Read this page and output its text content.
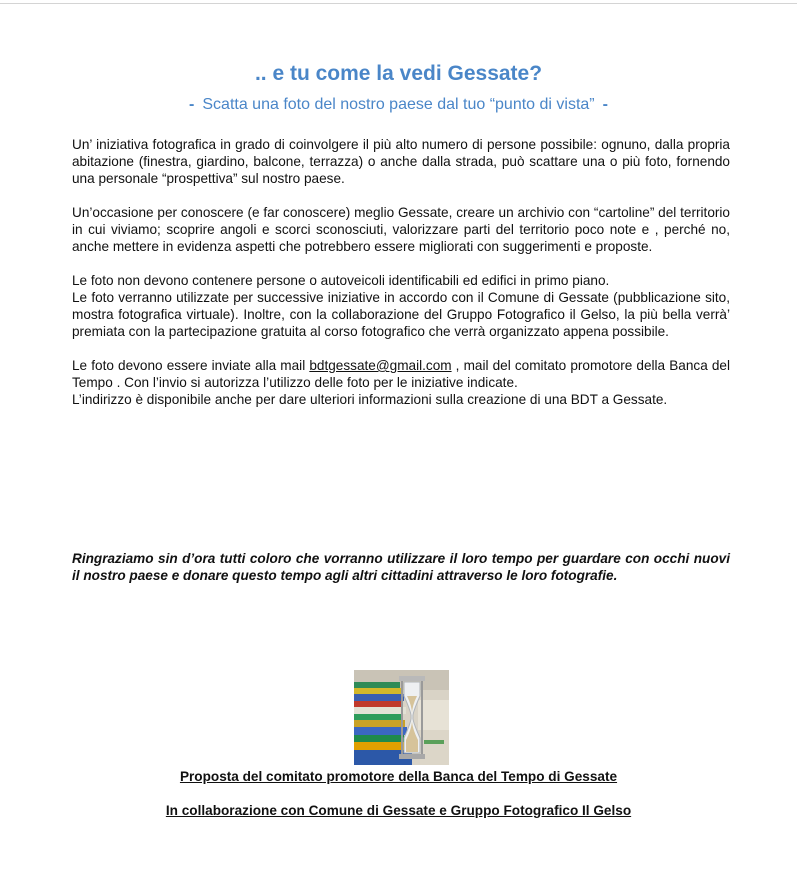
.. e tu come la vedi Gessate?
- Scatta una foto del nostro paese dal tuo “punto di vista” -

Un’ iniziativa fotografica in grado di coinvolgere il più alto numero di persone possibile: ognuno, dalla propria abitazione (finestra, giardino, balcone, terrazza) o anche dalla strada, può scattare una o più foto, fornendo una personale “prospettiva” sul nostro paese.

Un’occasione per conoscere (e far conoscere) meglio Gessate, creare un archivio con “cartoline” del territorio in cui viviamo; scoprire angoli e scorci sconosciuti, valorizzare parti del territorio poco note e , perché no, anche mettere in evidenza aspetti che potrebbero essere migliorati con suggerimenti e proposte.

Le foto non devono contenere persone o autoveicoli identificabili ed edifici in primo piano.
Le foto verranno utilizzate per successive iniziative in accordo con il Comune di Gessate (pubblicazione sito, mostra fotografica virtuale). Inoltre, con la collaborazione del Gruppo Fotografico il Gelso, la più bella verrà’ premiata con la partecipazione gratuita al corso fotografico che verrà organizzato appena possibile.

Le foto devono essere inviate alla mail bdtgessate@gmail.com , mail del comitato promotore della Banca del Tempo . Con l’invio si autorizza l’utilizzo delle foto per le iniziative indicate.
L’indirizzo è disponibile anche per dare ulteriori informazioni sulla creazione di una BDT a Gessate.

Ringraziamo sin d’ora tutti coloro che vorranno utilizzare il loro tempo per guardare con occhi nuovi il nostro paese e donare questo tempo agli altri cittadini attraverso le loro fotografie.

Proposta del comitato promotore della Banca del Tempo di Gessate

In collaborazione con Comune di Gessate e Gruppo Fotografico Il Gelso
